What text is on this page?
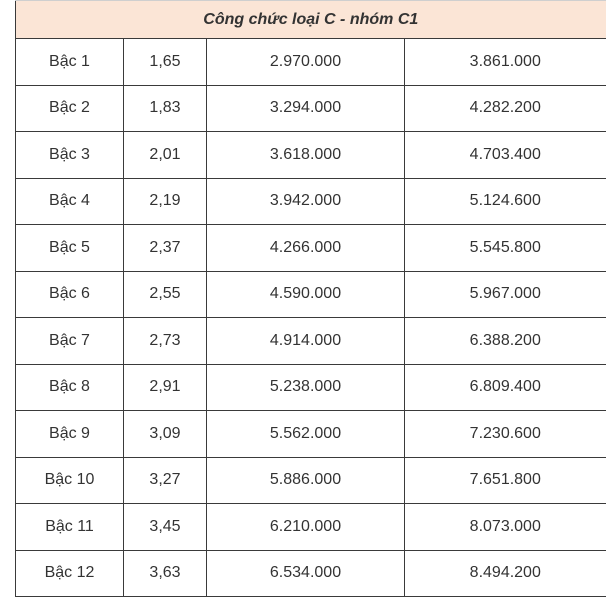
Công chức loại C - nhóm C1			
Bậc 1	1,65	2.970.000	3.861.000
Bậc 2	1,83	3.294.000	4.282.200
Bậc 3	2,01	3.618.000	4.703.400
Bậc 4	2,19	3.942.000	5.124.600
Bậc 5	2,37	4.266.000	5.545.800
Bậc 6	2,55	4.590.000	5.967.000
Bậc 7	2,73	4.914.000	6.388.200
Bậc 8	2,91	5.238.000	6.809.400
Bậc 9	3,09	5.562.000	7.230.600
Bậc 10	3,27	5.886.000	7.651.800
Bậc 11	3,45	6.210.000	8.073.000
Bậc 12	3,63	6.534.000	8.494.200
